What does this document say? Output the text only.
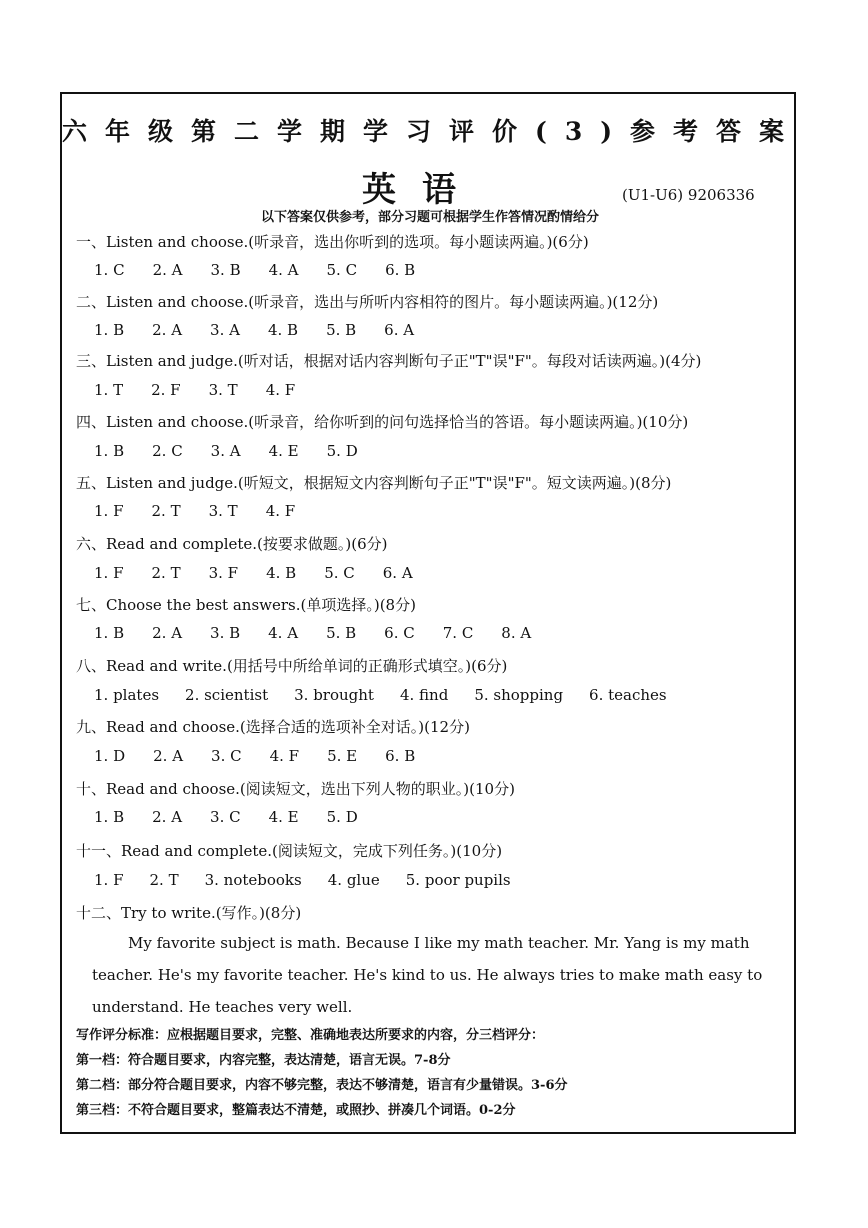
六年级第二学期学习评价(3)参考答案
英语	(U1-U6) 9206336
以下答案仅供参考，部分习题可根据学生作答情况酌情给分
一、Listen and choose.(听录音，选出你听到的选项。每小题读两遍。)(6分)
1. C 2. A 3. B 4. A 5. C 6. B
二、Listen and choose.(听录音，选出与所听内容相符的图片。每小题读两遍。)(12分)
1. B 2. A 3. A 4. B 5. B 6. A
三、Listen and judge.(听对话，根据对话内容判断句子正"T"误"F"。每段对话读两遍。)(4分)
1. T 2. F 3. T 4. F
四、Listen and choose.(听录音，给你听到的问句选择恰当的答语。每小题读两遍。)(10分)
1. B 2. C 3. A 4. E 5. D
五、Listen and judge.(听短文，根据短文内容判断句子正"T"误"F"。短文读两遍。)(8分)
1. F 2. T 3. T 4. F
六、Read and complete.(按要求做题。)(6分)
1. F 2. T 3. F 4. B 5. C 6. A
七、Choose the best answers.(单项选择。)(8分)
1. B 2. A 3. B 4. A 5. B 6. C 7. C 8. A
八、Read and write.(用括号中所给单词的正确形式填空。)(6分)
1. plates 2. scientist 3. brought 4. find 5. shopping 6. teaches
九、Read and choose.(选择合适的选项补全对话。)(12分)
1. D 2. A 3. C 4. F 5. E 6. B
十、Read and choose.(阅读短文，选出下列人物的职业。)(10分)
1. B 2. A 3. C 4. E 5. D
十一、Read and complete.(阅读短文，完成下列任务。)(10分)
1. F 2. T 3. notebooks 4. glue 5. poor pupils
十二、Try to write.(写作。)(8分)

My favorite subject is math. Because I like my math teacher. Mr. Yang is my math teacher. He's my favorite teacher. He's kind to us. He always tries to make math easy to understand. He teaches very well.

写作评分标准：应根据题目要求，完整、准确地表达所要求的内容，分三档评分：
第一档：符合题目要求，内容完整，表达清楚，语言无误。7-8分
第二档：部分符合题目要求，内容不够完整，表达不够清楚，语言有少量错误。3-6分
第三档：不符合题目要求，整篇表达不清楚，或照抄、拼凑几个词语。0-2分
